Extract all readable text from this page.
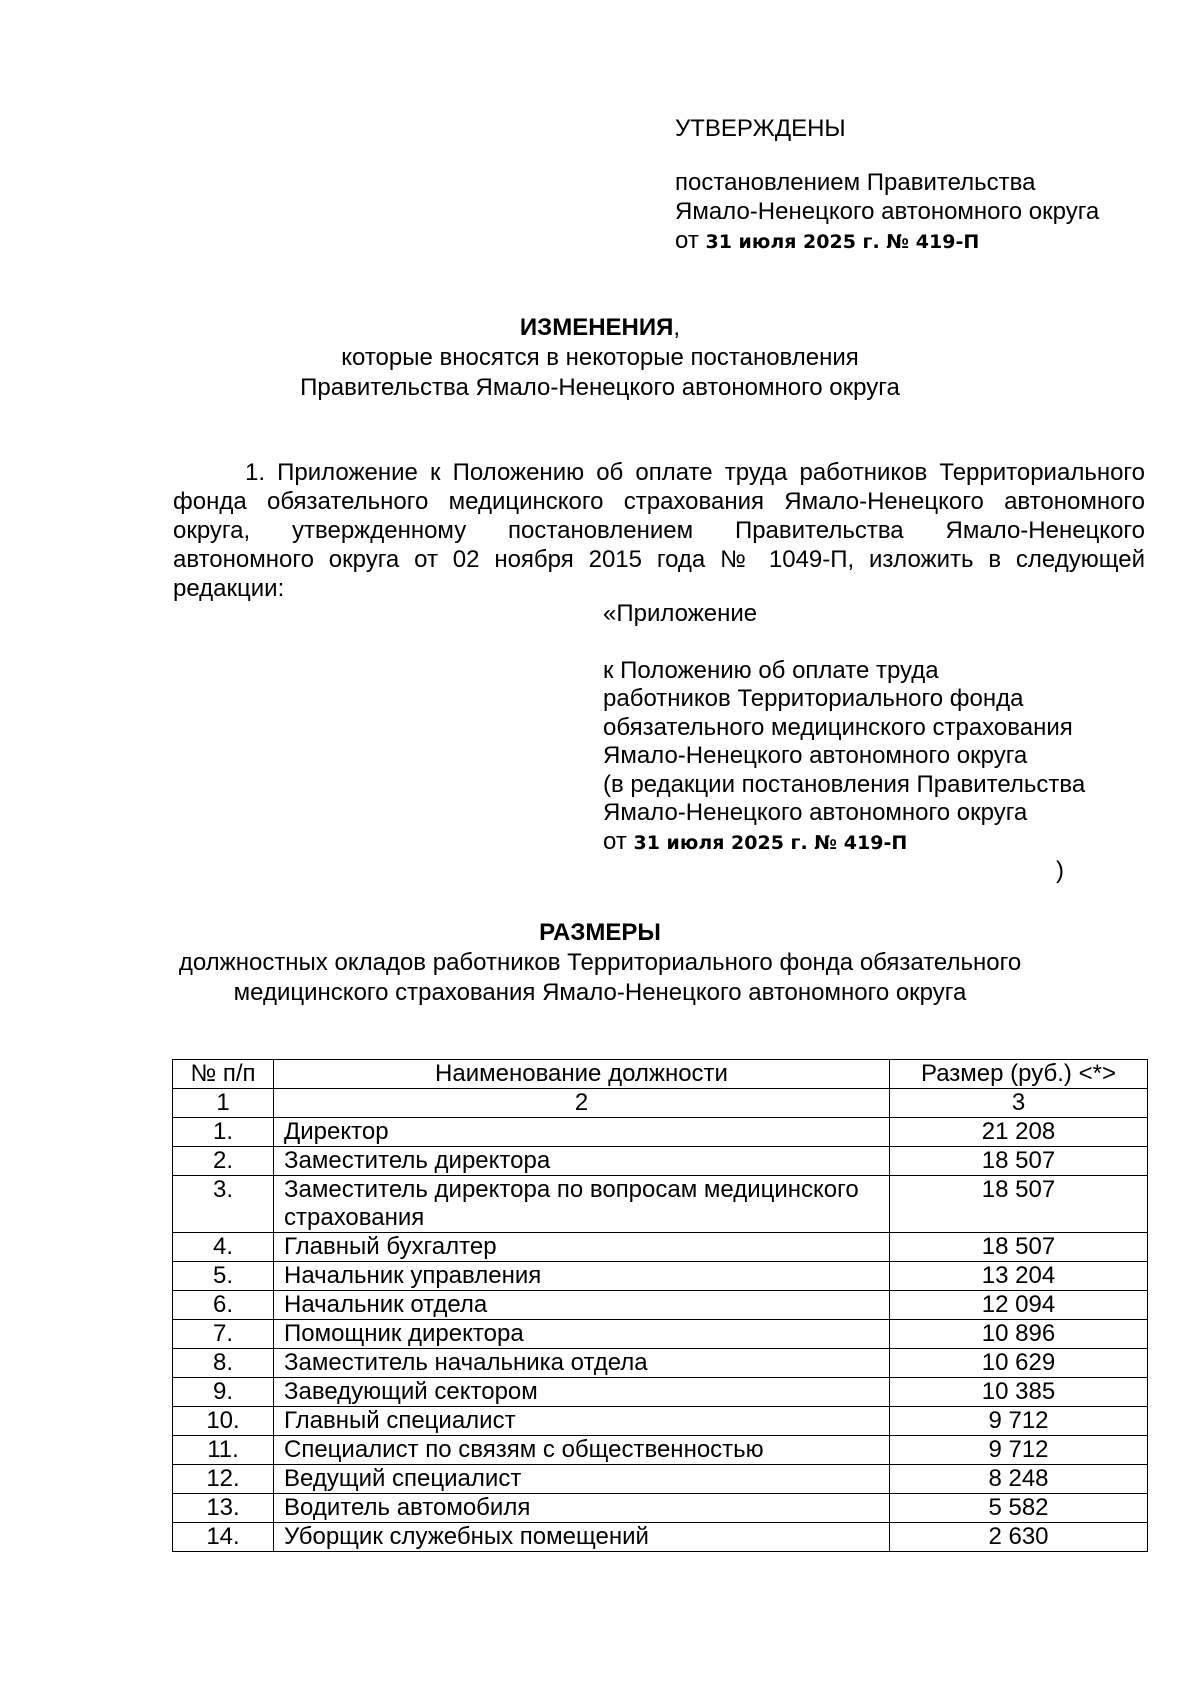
УТВЕРЖДЕНЫ
постановлением Правительства
Ямало-Ненецкого автономного округа
от 31 июля 2025 г. № 419-П
ИЗМЕНЕНИЯ,
которые вносятся в некоторые постановления
Правительства Ямало-Ненецкого автономного округа
1. Приложение к Положению об оплате труда работников Территориального фонда обязательного медицинского страхования Ямало-Ненецкого автономного округа, утвержденному постановлением Правительства Ямало-Ненецкого автономного округа от 02 ноября 2015 года № 1049-П, изложить в следующей редакции:
«Приложение
к Положению об оплате труда
работников Территориального фонда
обязательного медицинского страхования
Ямало-Ненецкого автономного округа
(в редакции постановления Правительства
Ямало-Ненецкого автономного округа
от 31 июля 2025 г. № 419-П
)
РАЗМЕРЫ
должностных окладов работников Территориального фонда обязательного
медицинского страхования Ямало-Ненецкого автономного округа
№ п/п	Наименование должности	Размер (руб.) <*>
1	2	3
1.	Директор	21 208
2.	Заместитель директора	18 507
3.	Заместитель директора по вопросам медицинского страхования	18 507
4.	Главный бухгалтер	18 507
5.	Начальник управления	13 204
6.	Начальник отдела	12 094
7.	Помощник директора	10 896
8.	Заместитель начальника отдела	10 629
9.	Заведующий сектором	10 385
10.	Главный специалист	9 712
11.	Специалист по связям с общественностью	9 712
12.	Ведущий специалист	8 248
13.	Водитель автомобиля	5 582
14.	Уборщик служебных помещений	2 630
